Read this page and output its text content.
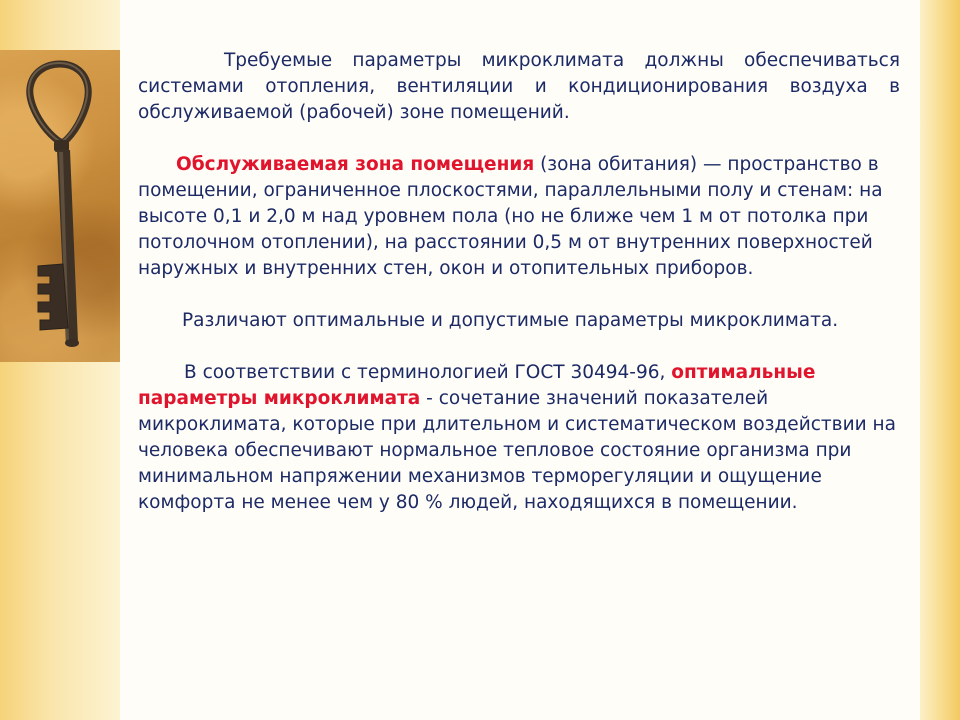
Требуемые параметры микроклимата должны обеспечиваться системами отопления, вентиляции и кондиционирования воздуха в обслуживаемой (рабочей) зоне помещений.

Обслуживаемая зона помещения (зона обитания) — пространство в помещении, ограниченное плоскостями, параллельными полу и стенам: на высоте 0,1 и 2,0 м над уровнем пола (но не ближе чем 1 м от потолка при потолочном отоплении), на расстоянии 0,5 м от внутренних поверхностей наружных и внутренних стен, окон и отопительных приборов.

Различают оптимальные и допустимые параметры микроклимата.

В соответствии с терминологией ГОСТ 30494-96, оптимальные параметры микроклимата - сочетание значений показателей микроклимата, которые при длительном и систематическом воздействии на человека обеспечивают нормальное тепловое состояние организма при минимальном напряжении механизмов терморегуляции и ощущение комфорта не менее чем у 80 % людей, находящихся в помещении.
